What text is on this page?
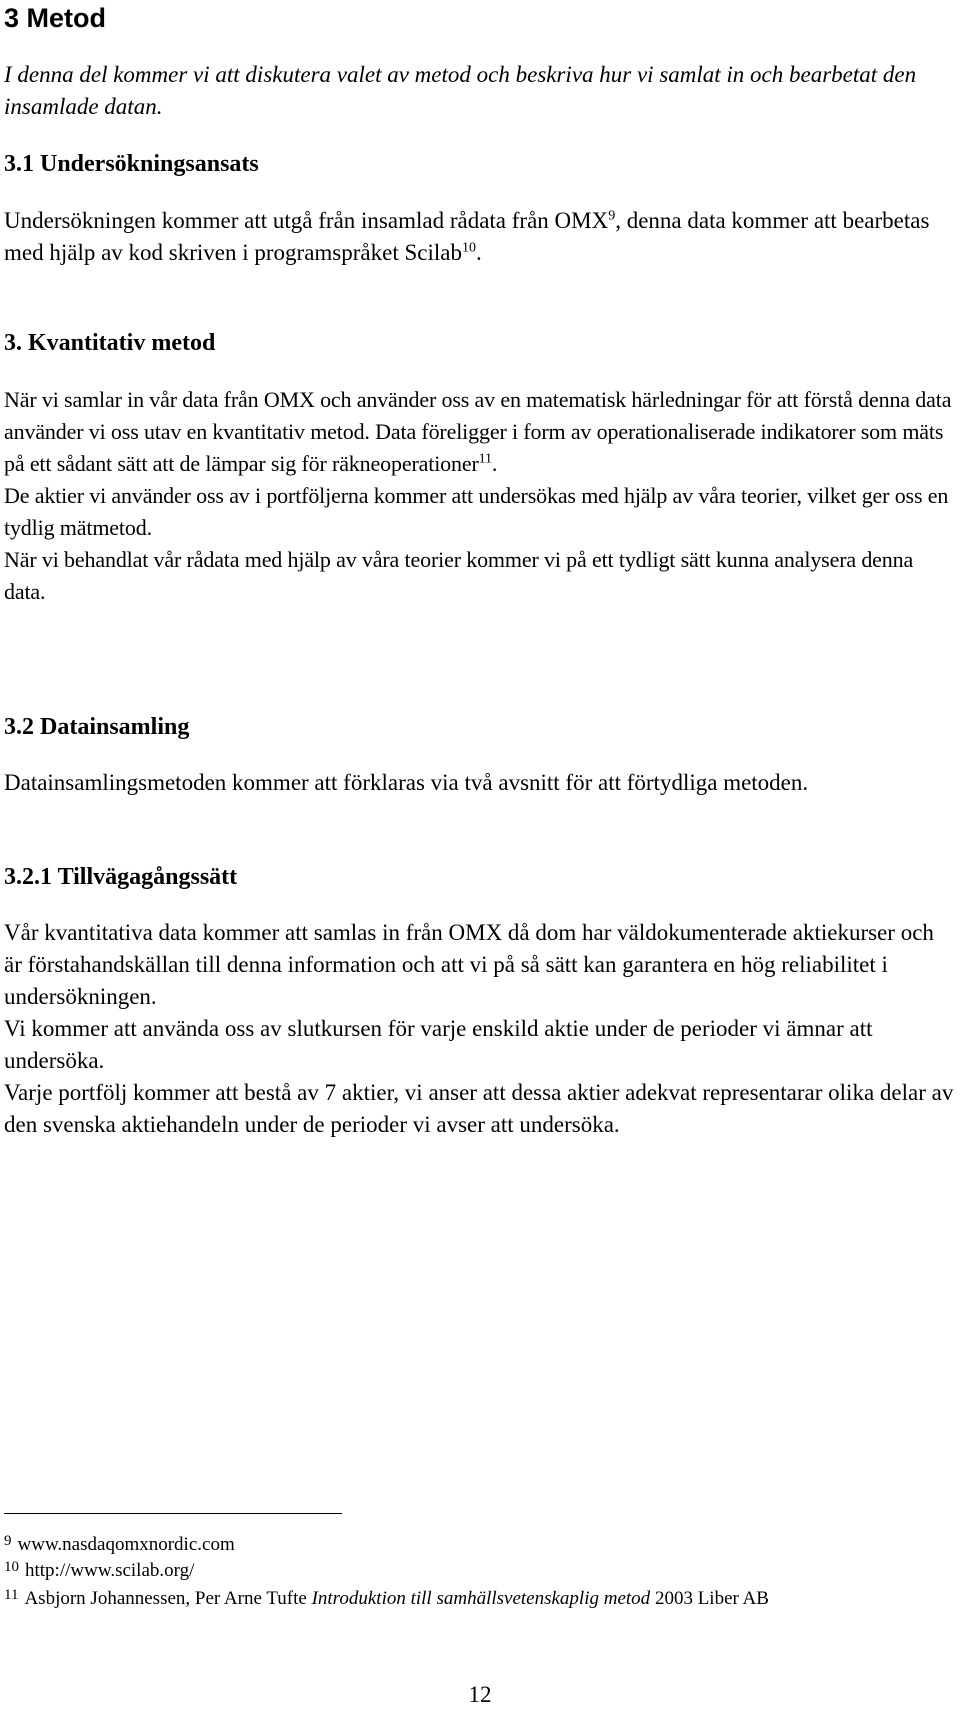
3 Metod

I denna del kommer vi att diskutera valet av metod och beskriva hur vi samlat in och bearbetat den insamlade datan.

3.1 Undersökningsansats

Undersökningen kommer att utgå från insamlad rådata från OMX$^9$, denna data kommer att bearbetas med hjälp av kod skriven i programspråket Scilab$^{10}$.

3. Kvantitativ metod
När vi samlar in vår data från OMX och använder oss av en matematisk härledningar för att förstå denna data använder vi oss utav en kvantitativ metod. Data föreligger i form av operationaliserade indikatorer som mäts på ett sådant sätt att de lämpar sig för räkneoperationer$^{11}$.
De aktier vi använder oss av i portföljerna kommer att undersökas med hjälp av våra teorier, vilket ger oss en tydlig mätmetod.
När vi behandlat vår rådata med hjälp av våra teorier kommer vi på ett tydligt sätt kunna analysera denna data.
3.2 Datainsamling

Datainsamlingsmetoden kommer att förklaras via två avsnitt för att förtydliga metoden.

3.2.1 Tillvägagångssätt
Vår kvantitativa data kommer att samlas in från OMX då dom har väldokumenterade aktiekurser och är förstahandskällan till denna information och att vi på så sätt kan garantera en hög reliabilitet i undersökningen.
Vi kommer att använda oss av slutkursen för varje enskild aktie under de perioder vi ämnar att undersöka.
Varje portfölj kommer att bestå av 7 aktier, vi anser att dessa aktier adekvat representarar olika delar av den svenska aktiehandeln under de perioder vi avser att undersöka.
$^9$ www.nasdaqomxnordic.com
$^{10}$ http://www.scilab.org/
$^{11}$ Asbjorn Johannessen, Per Arne Tufte Introduktion till samhällsvetenskaplig metod 2003 Liber AB
12
